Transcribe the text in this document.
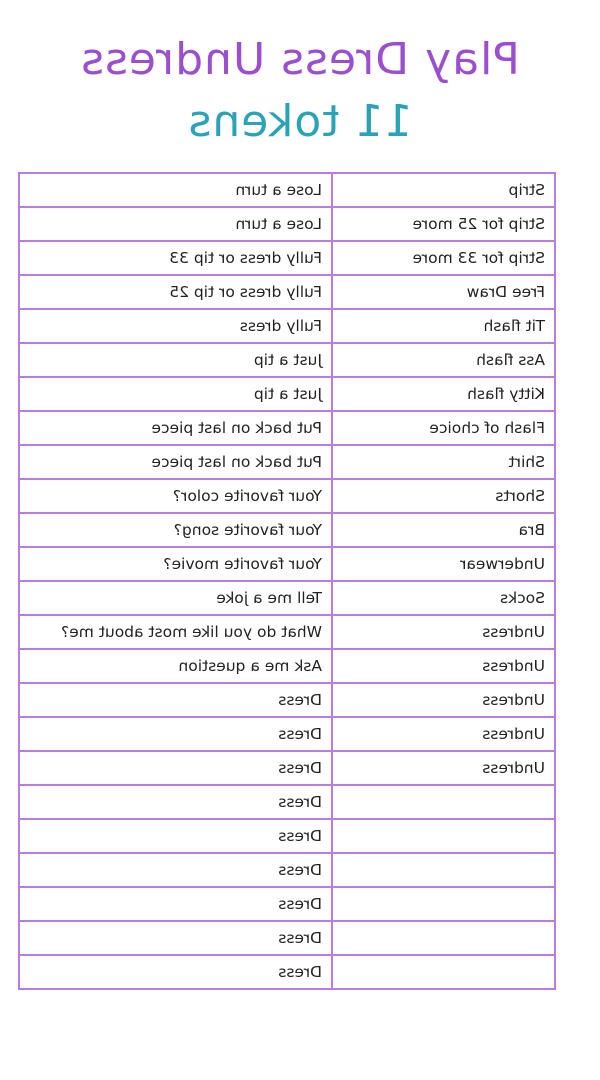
Play Dress Undress
11 tokens
Strip	Lose a turn
Strip for 25 more	Lose a turn
Strip for 33 more	Fully dress or tip 33
Free Draw	Fully dress or tip 25
Tit flash	Fully dress
Ass flash	Just a tip
Kitty flash	Just a tip
Flash of choice	Put back on last piece
Shirt	Put back on last piece
Shorts	Your favorite color?
Bra	Your favorite song?
Underwear	Your favorite movie?
Socks	Tell me a joke
Undress	What do you like most about me?
Undress	Ask me a question
Undress	Dress
Undress	Dress
Undress	Dress
	Dress
	Dress
	Dress
	Dress
	Dress
	Dress
